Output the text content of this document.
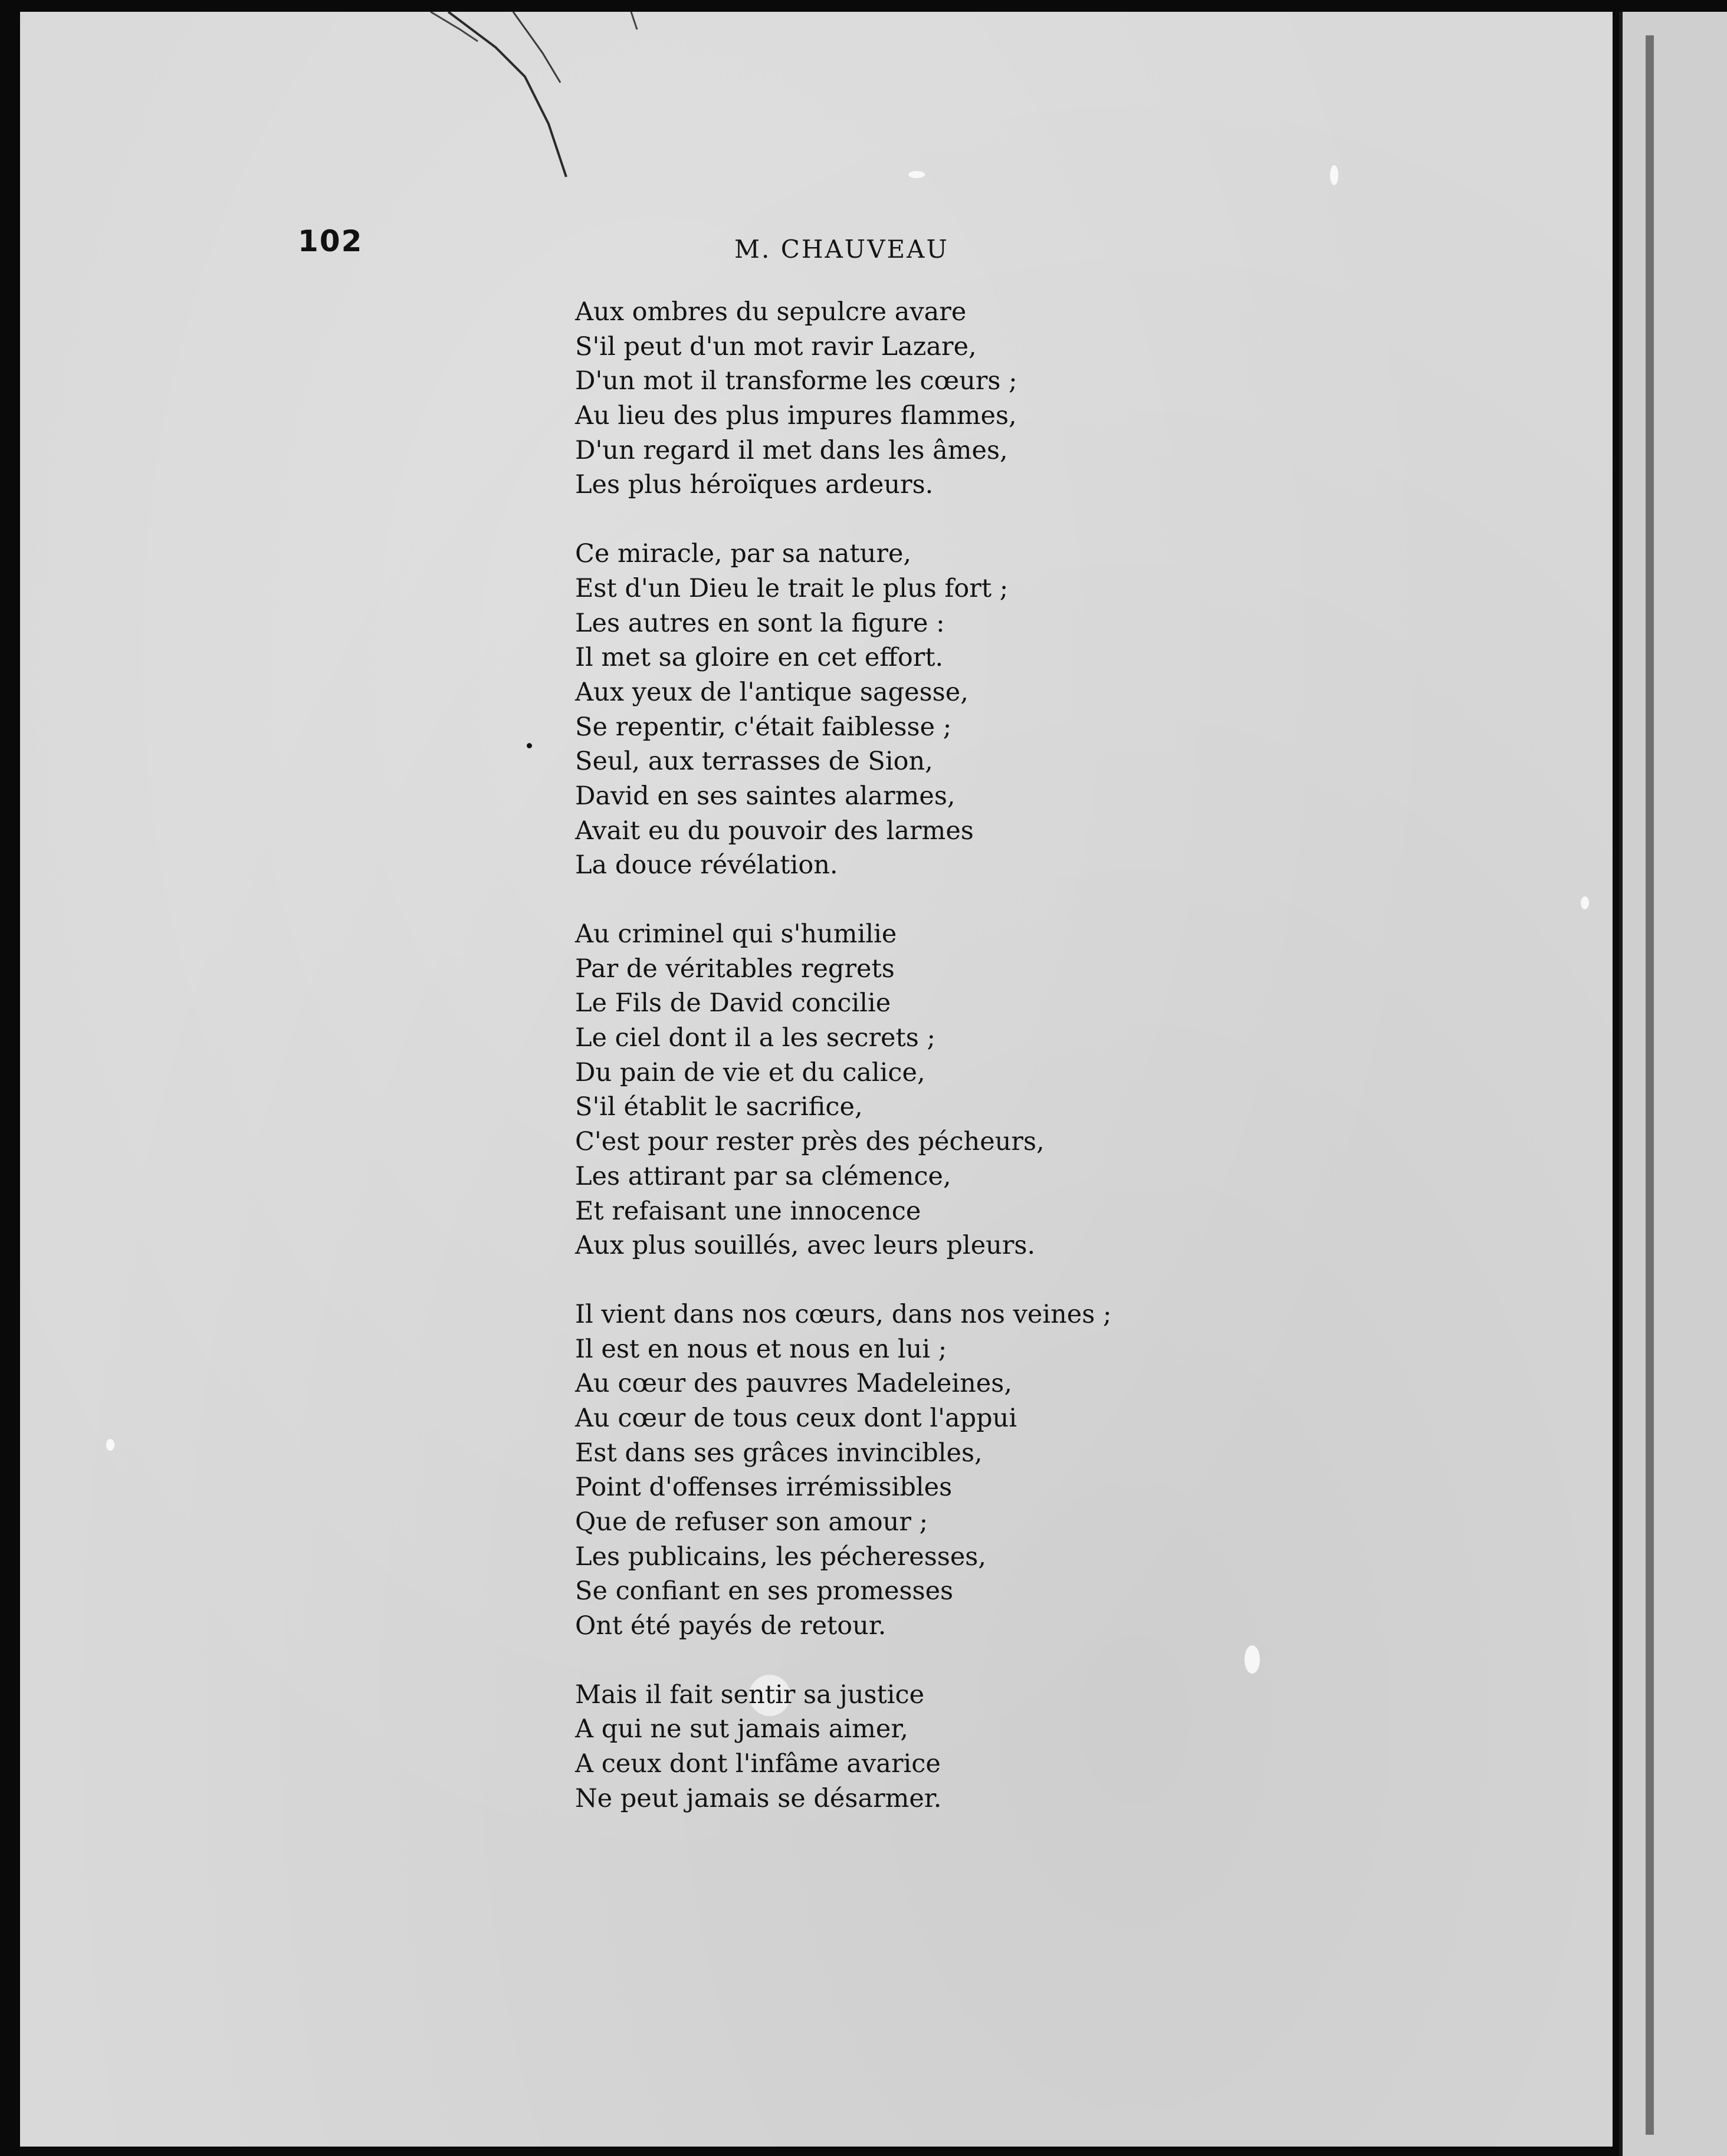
102	M. CHAUVEAU
Aux ombres du sepulcre avare
S'il peut d'un mot ravir Lazare,
D'un mot il transforme les cœurs ;
Au lieu des plus impures flammes,
D'un regard il met dans les âmes,
Les plus héroïques ardeurs.
Ce miracle, par sa nature,
Est d'un Dieu le trait le plus fort ;
Les autres en sont la figure :
Il met sa gloire en cet effort.
Aux yeux de l'antique sagesse,
Se repentir, c'était faiblesse ;
Seul, aux terrasses de Sion,
David en ses saintes alarmes,
Avait eu du pouvoir des larmes
La douce révélation.
Au criminel qui s'humilie
Par de véritables regrets
Le Fils de David concilie
Le ciel dont il a les secrets ;
Du pain de vie et du calice,
S'il établit le sacrifice,
C'est pour rester près des pécheurs,
Les attirant par sa clémence,
Et refaisant une innocence
Aux plus souillés, avec leurs pleurs.
Il vient dans nos cœurs, dans nos veines ;
Il est en nous et nous en lui ;
Au cœur des pauvres Madeleines,
Au cœur de tous ceux dont l'appui
Est dans ses grâces invincibles,
Point d'offenses irrémissibles
Que de refuser son amour ;
Les publicains, les pécheresses,
Se confiant en ses promesses
Ont été payés de retour.
Mais il fait sentir sa justice
A qui ne sut jamais aimer,
A ceux dont l'infâme avarice
Ne peut jamais se désarmer.
